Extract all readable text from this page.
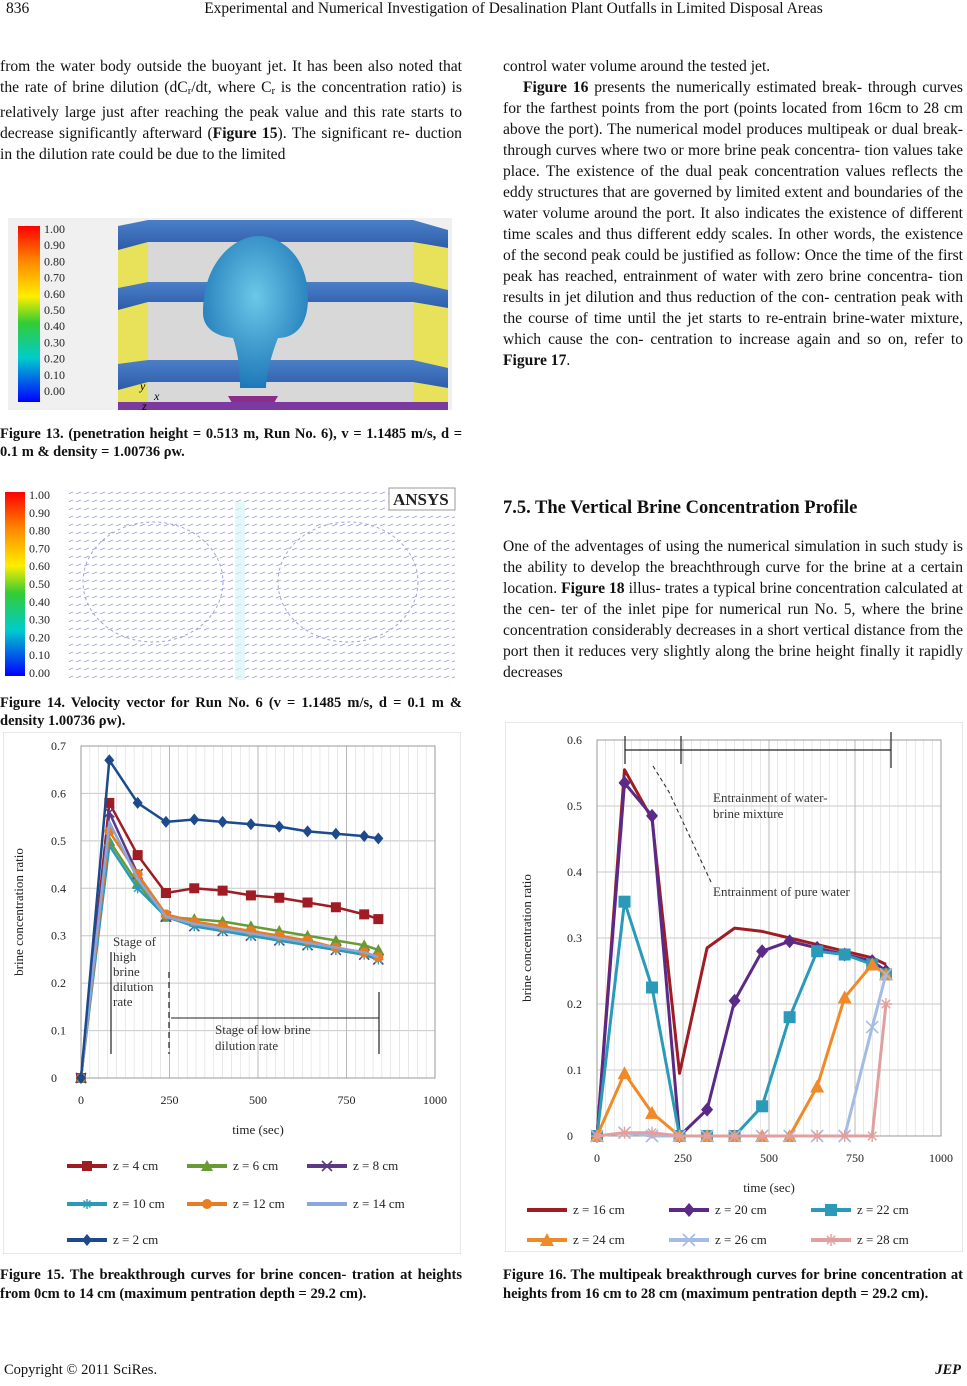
836	Experimental and Numerical Investigation of Desalination Plant Outfalls in Limited Disposal Areas

from the water body outside the buoyant jet. It has been also noted that the rate of brine dilution (dCr/dt, where Cr is the concentration ratio) is relatively large just after reaching the peak value and this rate starts to decrease significantly afterward (Figure 15). The significant re- duction in the dilution rate could be due to the limited

y
x
z
1.00
0.90
0.80
0.70
0.60
0.50
0.40
0.30
0.20
0.10
0.00
Figure 13. (penetration height = 0.513 m, Run No. 6), v = 1.1485 m/s, d = 0.1 m & density = 1.00736 ρw.
ANSYS
1.00
0.90
0.80
0.70
0.60
0.50
0.40
0.30
0.20
0.10
0.00
Figure 14. Velocity vector for Run No. 6 (v = 1.1485 m/s, d = 0.1 m & density 1.00736 ρw).
0
0.1
0.2
0.3
0.4
0.5
0.6
0.7
0	250	500	750	1000
time (sec)
brine concentration ratio
z = 4 cm	z = 6 cm	z = 8 cm
z = 10 cm	z = 12 cm	z = 14 cm
z = 2 cm
Stage of
high
brine
dilution
rate
Stage of low brine
dilution rate
Figure 15. The breakthrough curves for brine concen- tration at heights from 0cm to 14 cm (maximum pentration depth = 29.2 cm).

control water volume around the tested jet.

Figure 16 presents the numerically estimated break- through curves for the farthest points from the port (points located from 16cm to 28 cm above the port). The numerical model produces multipeak or dual break- through curves where two or more brine peak concentra- tion values take place. The existence of the dual peak concentration values reflects the eddy structures that are governed by limited extent and boundaries of the water volume around the port. It also indicates the existence of different time scales and thus different eddy scales. In other words, the existence of the second peak could be justified as follow: Once the time of the first peak has reached, entrainment of water with zero brine concentra- tion results in jet dilution and thus reduction of the con- centration peak with the course of time until the jet starts to re-entrain brine-water mixture, which cause the con- centration to increase again and so on, refer to Figure 17.

7.5. The Vertical Brine Concentration Profile

One of the adventages of using the numerical simulation in such study is the ability to develop the breachthrough curve for the brine at a certain location. Figure 18 illus- trates a typical brine concentration calculated at the cen- ter of the inlet pipe for numerical run No. 5, where the brine concentration considerably decreases in a short vertical distance from the port then it reduces very slightly along the brine height finally it rapidly decreases

0
0.1
0.2
0.3
0.4
0.5
0.6
0	250	500	750	1000
time (sec)
brine concentration ratio
z = 16 cm	z = 20 cm	z = 22 cm
z = 24 cm	z = 26 cm	z = 28 cm
Entrainment of water-
brine mixture
Entrainment of pure water
Figure 16. The multipeak breakthrough curves for brine concentration at heights from 16 cm to 28 cm (maximum pentration depth = 29.2 cm).
Copyright © 2011 SciRes.	JEP
